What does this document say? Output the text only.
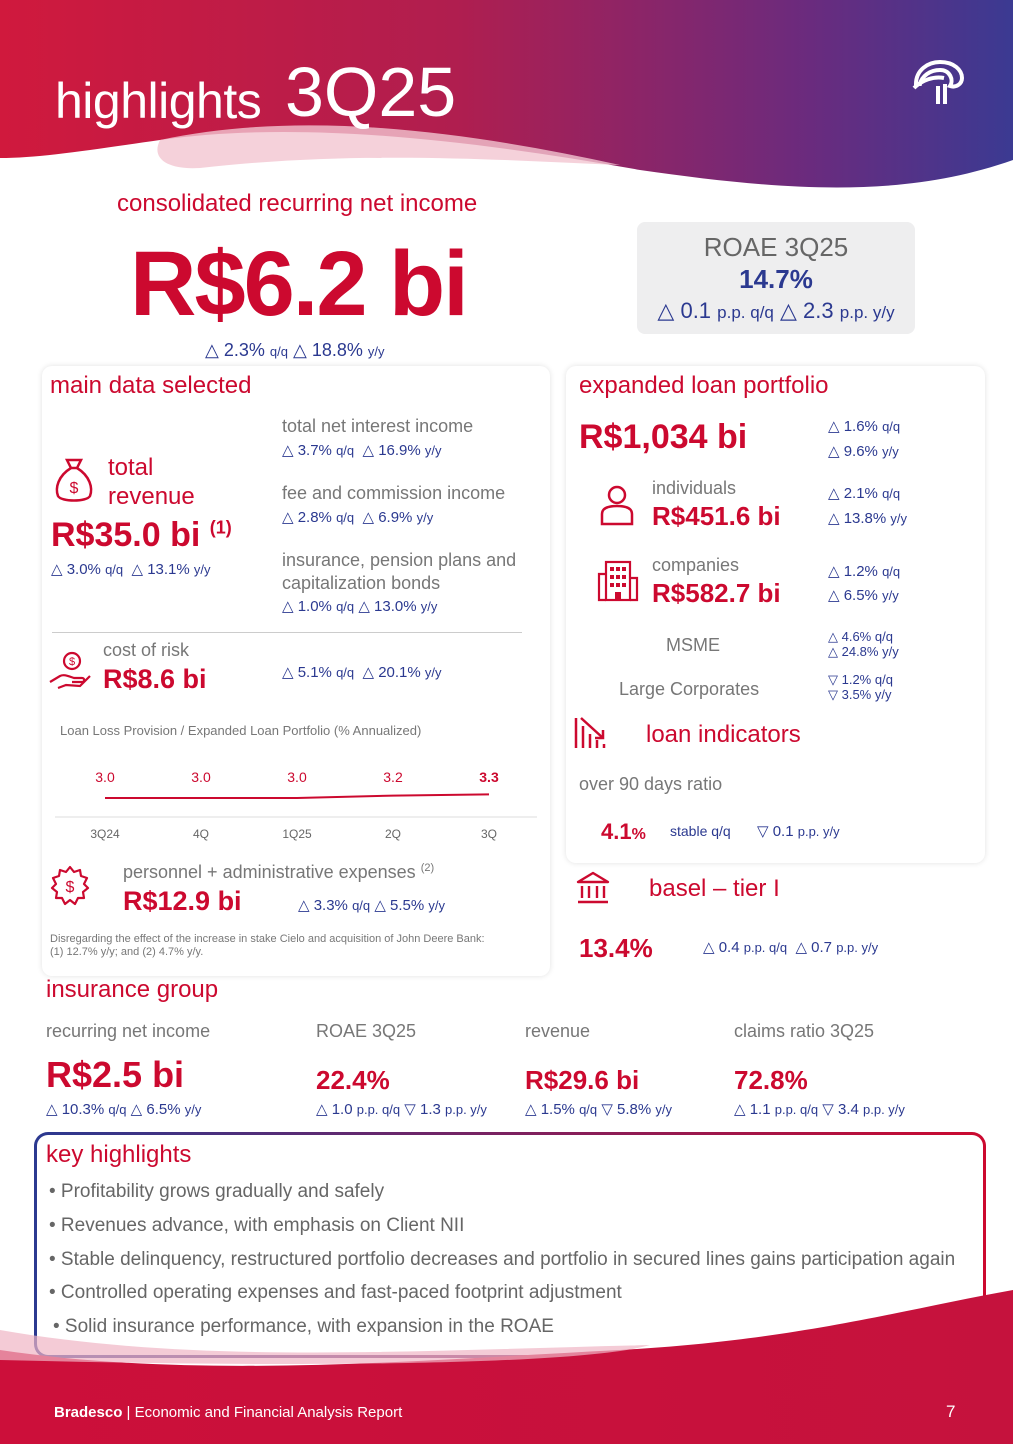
highlights 3Q25
consolidated recurring net income
R$6.2 bi
△ 2.3% q/q △ 18.8% y/y
ROAE 3Q25
14.7%
△ 0.1 p.p. q/q △ 2.3 p.p. y/y
main data selected
$
total
revenue
R$35.0 bi $^{(1)}$
△ 3.0% q/q △ 13.1% y/y
total net interest income
△ 3.7% q/q △ 16.9% y/y
fee and commission income
△ 2.8% q/q △ 6.9% y/y
insurance, pension plans and
capitalization bonds
△ 1.0% q/q △ 13.0% y/y
$
cost of risk
R$8.6 bi	△ 5.1% q/q △ 20.1% y/y
Loan Loss Provision / Expanded Loan Portfolio (% Annualized)
$
personnel + administrative expenses $^{(2)}$
R$12.9 bi	△ 3.3% q/q △ 5.5% y/y
Disregarding the effect of the increase in stake Cielo and acquisition of John Deere Bank:
(1) 12.7% y/y; and (2) 4.7% y/y.
3.0
3Q24
3.0
4Q
3.0
1Q25
3.2
2Q
3.3
3Q
expanded loan portfolio
R$1,034 bi	△ 1.6% q/q
△ 9.6% y/y
individuals
R$451.6 bi
△ 2.1% q/q
△ 13.8% y/y
companies
R$582.7 bi
△ 1.2% q/q
△ 6.5% y/y
MSME	△ 4.6% q/q
△ 24.8% y/y
Large Corporates	▽ 1.2% q/q
▽ 3.5% y/y
loan indicators
over 90 days ratio
4.1% stable q/q ▽ 0.1 p.p. y/y
basel – tier I
13.4%	△ 0.4 p.p. q/q △ 0.7 p.p. y/y
insurance group
recurring net income
R$2.5 bi
△ 10.3% q/q △ 6.5% y/y
ROAE 3Q25
22.4%
△ 1.0 p.p. q/q ▽ 1.3 p.p. y/y
revenue
R$29.6 bi
△ 1.5% q/q ▽ 5.8% y/y
claims ratio 3Q25
72.8%
△ 1.1 p.p. q/q ▽ 3.4 p.p. y/y
key highlights
• Profitability grows gradually and safely
• Revenues advance, with emphasis on Client NII
• Stable delinquency, restructured portfolio decreases and portfolio in secured lines gains participation again
• Controlled operating expenses and fast-paced footprint adjustment
• Solid insurance performance, with expansion in the ROAE
Bradesco | Economic and Financial Analysis Report	7
